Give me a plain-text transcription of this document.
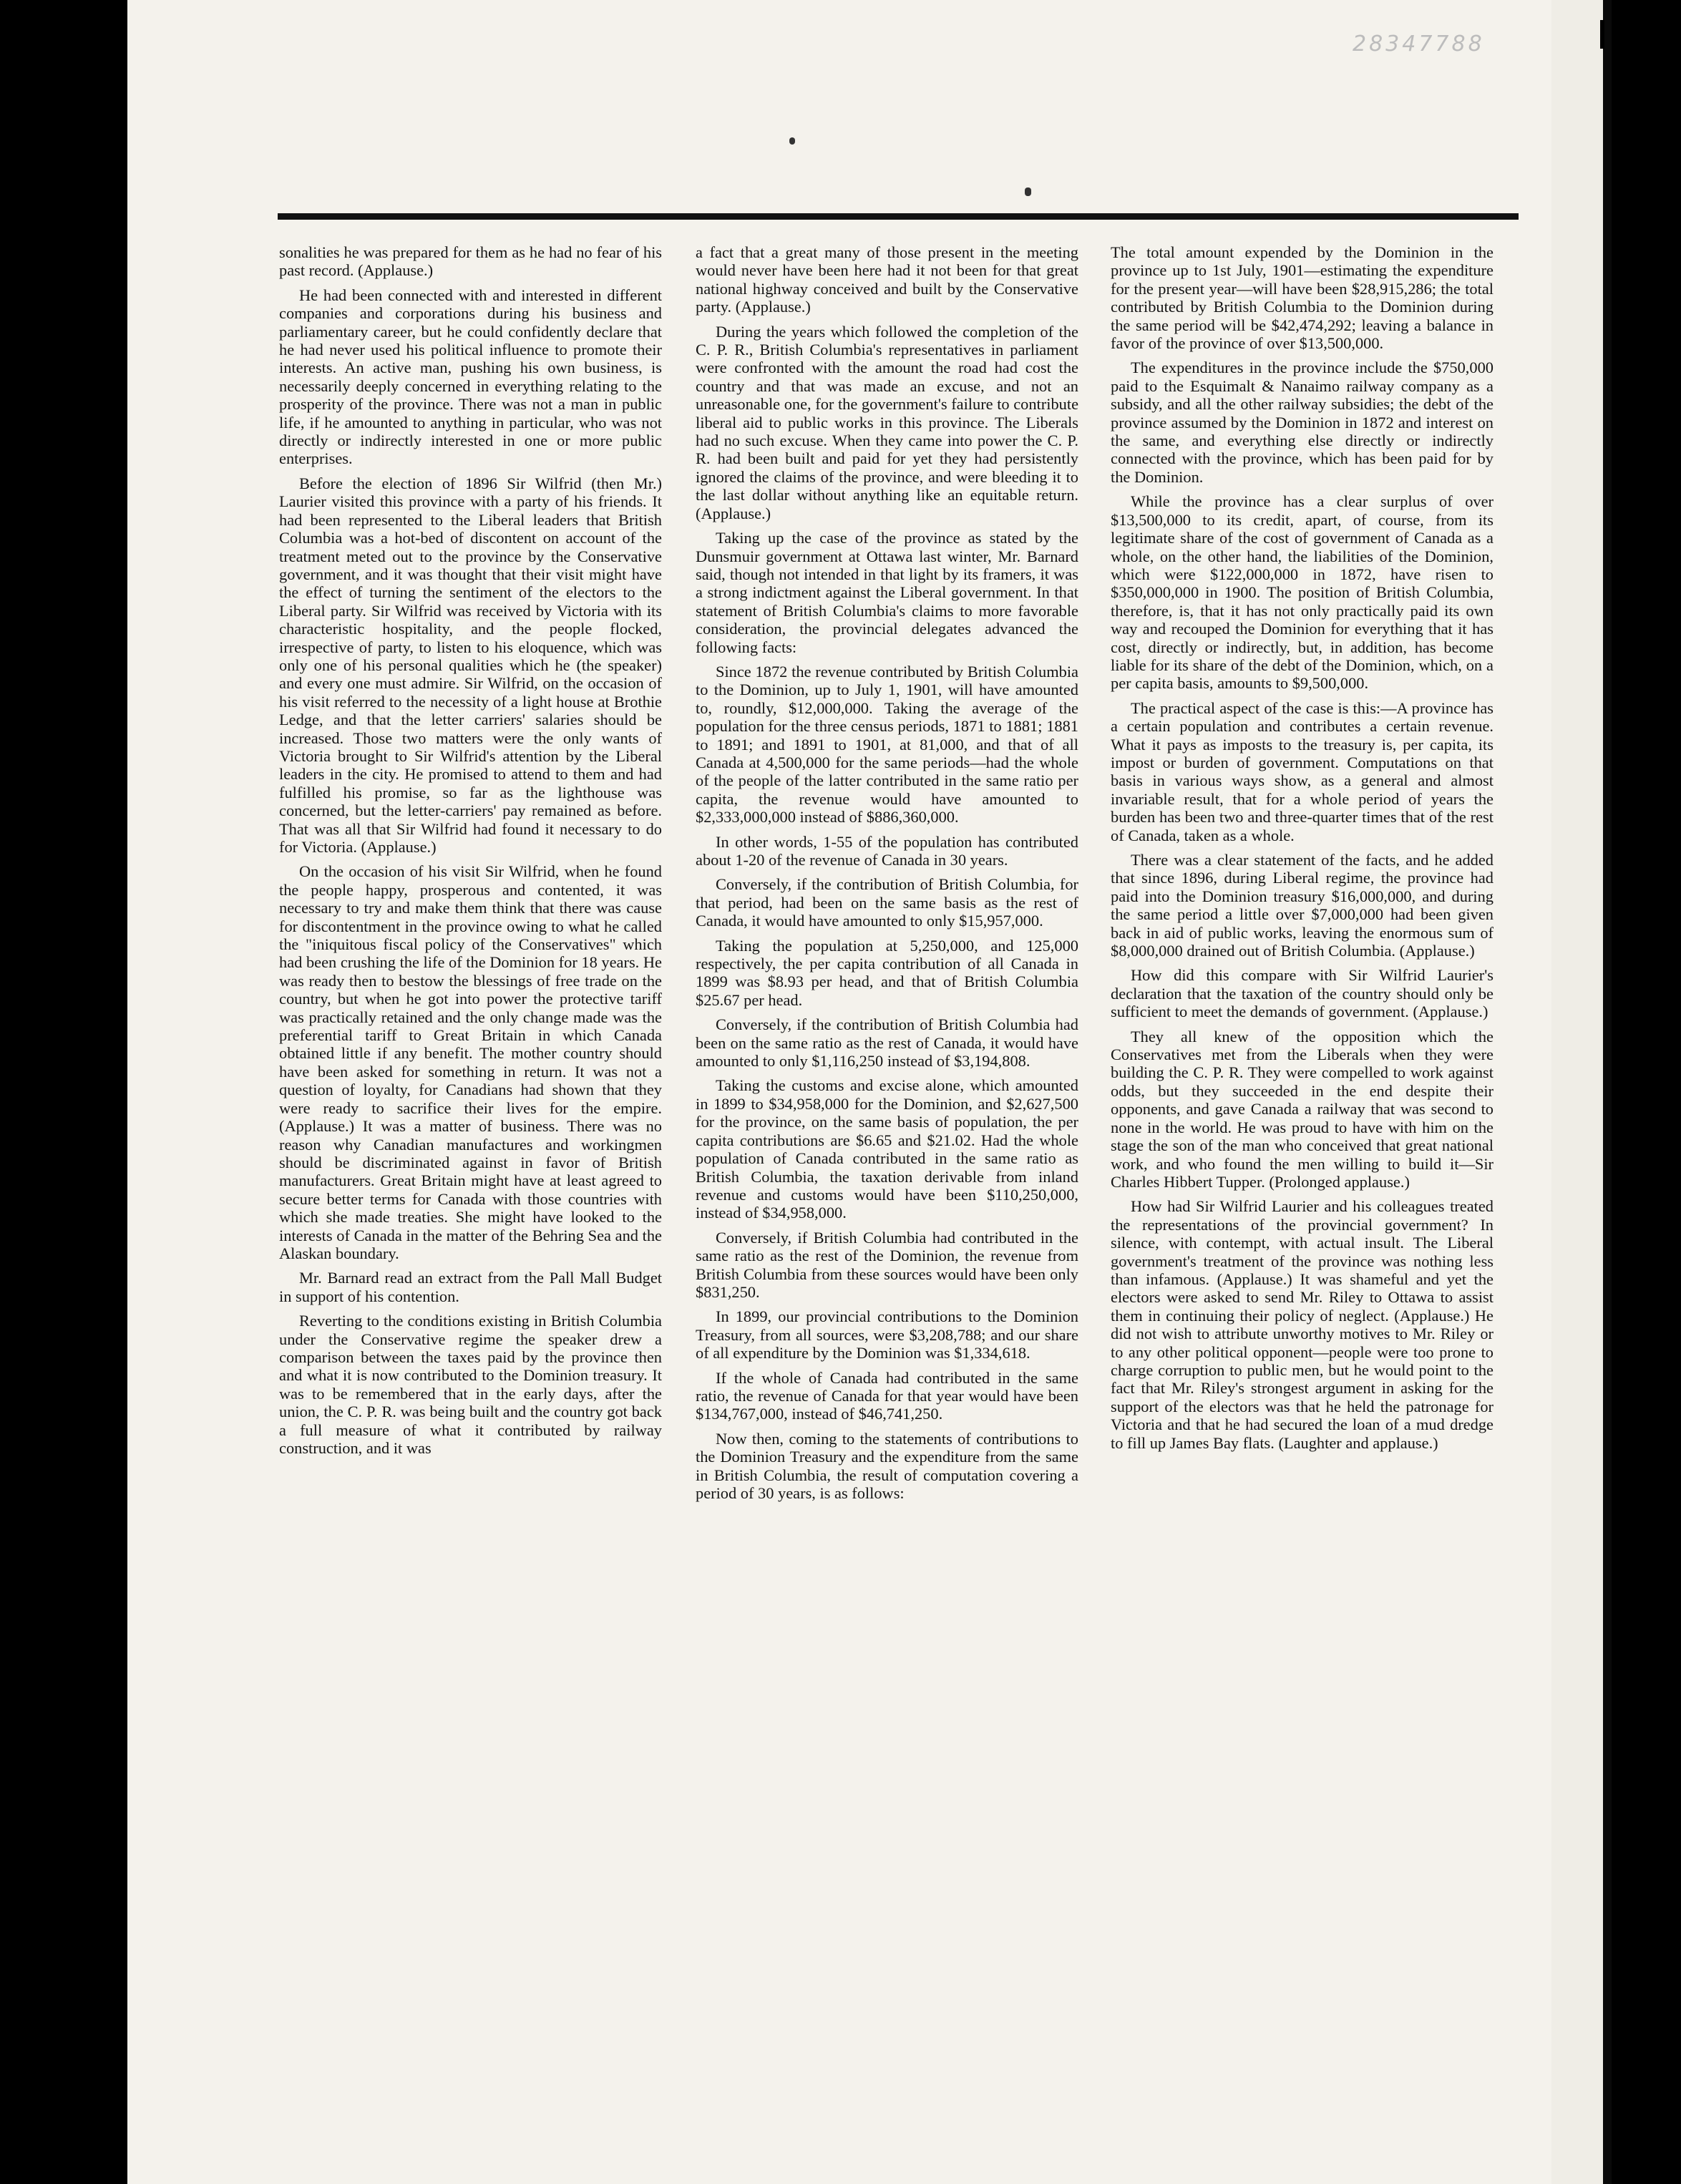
28347788

sonalities he was prepared for them as he had no fear of his past record. (Applause.)

He had been connected with and interested in different companies and corporations during his business and parliamentary career, but he could confidently declare that he had never used his political influence to promote their interests. An active man, pushing his own business, is necessarily deeply concerned in everything relating to the prosperity of the province. There was not a man in public life, if he amounted to anything in particular, who was not directly or indirectly interested in one or more public enterprises.

Before the election of 1896 Sir Wilfrid (then Mr.) Laurier visited this province with a party of his friends. It had been represented to the Liberal leaders that British Columbia was a hot-bed of discontent on account of the treatment meted out to the province by the Conservative government, and it was thought that their visit might have the effect of turning the sentiment of the electors to the Liberal party. Sir Wilfrid was received by Victoria with its characteristic hospitality, and the people flocked, irrespective of party, to listen to his eloquence, which was only one of his personal qualities which he (the speaker) and every one must admire. Sir Wilfrid, on the occasion of his visit referred to the necessity of a light house at Brothie Ledge, and that the letter carriers' salaries should be increased. Those two matters were the only wants of Victoria brought to Sir Wilfrid's attention by the Liberal leaders in the city. He promised to attend to them and had fulfilled his promise, so far as the lighthouse was concerned, but the letter-carriers' pay remained as before. That was all that Sir Wilfrid had found it necessary to do for Victoria. (Applause.)

On the occasion of his visit Sir Wilfrid, when he found the people happy, prosperous and contented, it was necessary to try and make them think that there was cause for discontentment in the province owing to what he called the "iniquitous fiscal policy of the Conservatives" which had been crushing the life of the Dominion for 18 years. He was ready then to bestow the blessings of free trade on the country, but when he got into power the protective tariff was practically retained and the only change made was the preferential tariff to Great Britain in which Canada obtained little if any benefit. The mother country should have been asked for something in return. It was not a question of loyalty, for Canadians had shown that they were ready to sacrifice their lives for the empire. (Applause.) It was a matter of business. There was no reason why Canadian manufactures and workingmen should be discriminated against in favor of British manufacturers. Great Britain might have at least agreed to secure better terms for Canada with those countries with which she made treaties. She might have looked to the interests of Canada in the matter of the Behring Sea and the Alaskan boundary.

Mr. Barnard read an extract from the Pall Mall Budget in support of his contention.

Reverting to the conditions existing in British Columbia under the Conservative regime the speaker drew a comparison between the taxes paid by the province then and what it is now contributed to the Dominion treasury. It was to be remembered that in the early days, after the union, the C. P. R. was being built and the country got back a full measure of what it contributed by railway construction, and it was

a fact that a great many of those present in the meeting would never have been here had it not been for that great national highway conceived and built by the Conservative party. (Applause.)

During the years which followed the completion of the C. P. R., British Columbia's representatives in parliament were confronted with the amount the road had cost the country and that was made an excuse, and not an unreasonable one, for the government's failure to contribute liberal aid to public works in this province. The Liberals had no such excuse. When they came into power the C. P. R. had been built and paid for yet they had persistently ignored the claims of the province, and were bleeding it to the last dollar without anything like an equitable return. (Applause.)

Taking up the case of the province as stated by the Dunsmuir government at Ottawa last winter, Mr. Barnard said, though not intended in that light by its framers, it was a strong indictment against the Liberal government. In that statement of British Columbia's claims to more favorable consideration, the provincial delegates advanced the following facts:

Since 1872 the revenue contributed by British Columbia to the Dominion, up to July 1, 1901, will have amounted to, roundly, $12,000,000. Taking the average of the population for the three census periods, 1871 to 1881; 1881 to 1891; and 1891 to 1901, at 81,000, and that of all Canada at 4,500,000 for the same periods—had the whole of the people of the latter contributed in the same ratio per capita, the revenue would have amounted to $2,333,000,000 instead of $886,360,000.

In other words, 1-55 of the population has contributed about 1-20 of the revenue of Canada in 30 years.

Conversely, if the contribution of British Columbia, for that period, had been on the same basis as the rest of Canada, it would have amounted to only $15,957,000.

Taking the population at 5,250,000, and 125,000 respectively, the per capita contribution of all Canada in 1899 was $8.93 per head, and that of British Columbia $25.67 per head.

Conversely, if the contribution of British Columbia had been on the same ratio as the rest of Canada, it would have amounted to only $1,116,250 instead of $3,194,808.

Taking the customs and excise alone, which amounted in 1899 to $34,958,000 for the Dominion, and $2,627,500 for the province, on the same basis of population, the per capita contributions are $6.65 and $21.02. Had the whole population of Canada contributed in the same ratio as British Columbia, the taxation derivable from inland revenue and customs would have been $110,250,000, instead of $34,958,000.

Conversely, if British Columbia had contributed in the same ratio as the rest of the Dominion, the revenue from British Columbia from these sources would have been only $831,250.

In 1899, our provincial contributions to the Dominion Treasury, from all sources, were $3,208,788; and our share of all expenditure by the Dominion was $1,334,618.

If the whole of Canada had contributed in the same ratio, the revenue of Canada for that year would have been $134,767,000, instead of $46,741,250.

Now then, coming to the statements of contributions to the Dominion Treasury and the expenditure from the same in British Columbia, the result of computation covering a period of 30 years, is as follows:

The total amount expended by the Dominion in the province up to 1st July, 1901—estimating the expenditure for the present year—will have been $28,915,286; the total contributed by British Columbia to the Dominion during the same period will be $42,474,292; leaving a balance in favor of the province of over $13,500,000.

The expenditures in the province include the $750,000 paid to the Esquimalt & Nanaimo railway company as a subsidy, and all the other railway subsidies; the debt of the province assumed by the Dominion in 1872 and interest on the same, and everything else directly or indirectly connected with the province, which has been paid for by the Dominion.

While the province has a clear surplus of over $13,500,000 to its credit, apart, of course, from its legitimate share of the cost of government of Canada as a whole, on the other hand, the liabilities of the Dominion, which were $122,000,000 in 1872, have risen to $350,000,000 in 1900. The position of British Columbia, therefore, is, that it has not only practically paid its own way and recouped the Dominion for everything that it has cost, directly or indirectly, but, in addition, has become liable for its share of the debt of the Dominion, which, on a per capita basis, amounts to $9,500,000.

The practical aspect of the case is this:—A province has a certain population and contributes a certain revenue. What it pays as imposts to the treasury is, per capita, its impost or burden of government. Computations on that basis in various ways show, as a general and almost invariable result, that for a whole period of years the burden has been two and three-quarter times that of the rest of Canada, taken as a whole.

There was a clear statement of the facts, and he added that since 1896, during Liberal regime, the province had paid into the Dominion treasury $16,000,000, and during the same period a little over $7,000,000 had been given back in aid of public works, leaving the enormous sum of $8,000,000 drained out of British Columbia. (Applause.)

How did this compare with Sir Wilfrid Laurier's declaration that the taxation of the country should only be sufficient to meet the demands of government. (Applause.)

They all knew of the opposition which the Conservatives met from the Liberals when they were building the C. P. R. They were compelled to work against odds, but they succeeded in the end despite their opponents, and gave Canada a railway that was second to none in the world. He was proud to have with him on the stage the son of the man who conceived that great national work, and who found the men willing to build it—Sir Charles Hibbert Tupper. (Prolonged applause.)

How had Sir Wilfrid Laurier and his colleagues treated the representations of the provincial government? In silence, with contempt, with actual insult. The Liberal government's treatment of the province was nothing less than infamous. (Applause.) It was shameful and yet the electors were asked to send Mr. Riley to Ottawa to assist them in continuing their policy of neglect. (Applause.) He did not wish to attribute unworthy motives to Mr. Riley or to any other political opponent—people were too prone to charge corruption to public men, but he would point to the fact that Mr. Riley's strongest argument in asking for the support of the electors was that he held the patronage for Victoria and that he had secured the loan of a mud dredge to fill up James Bay flats. (Laughter and applause.)
